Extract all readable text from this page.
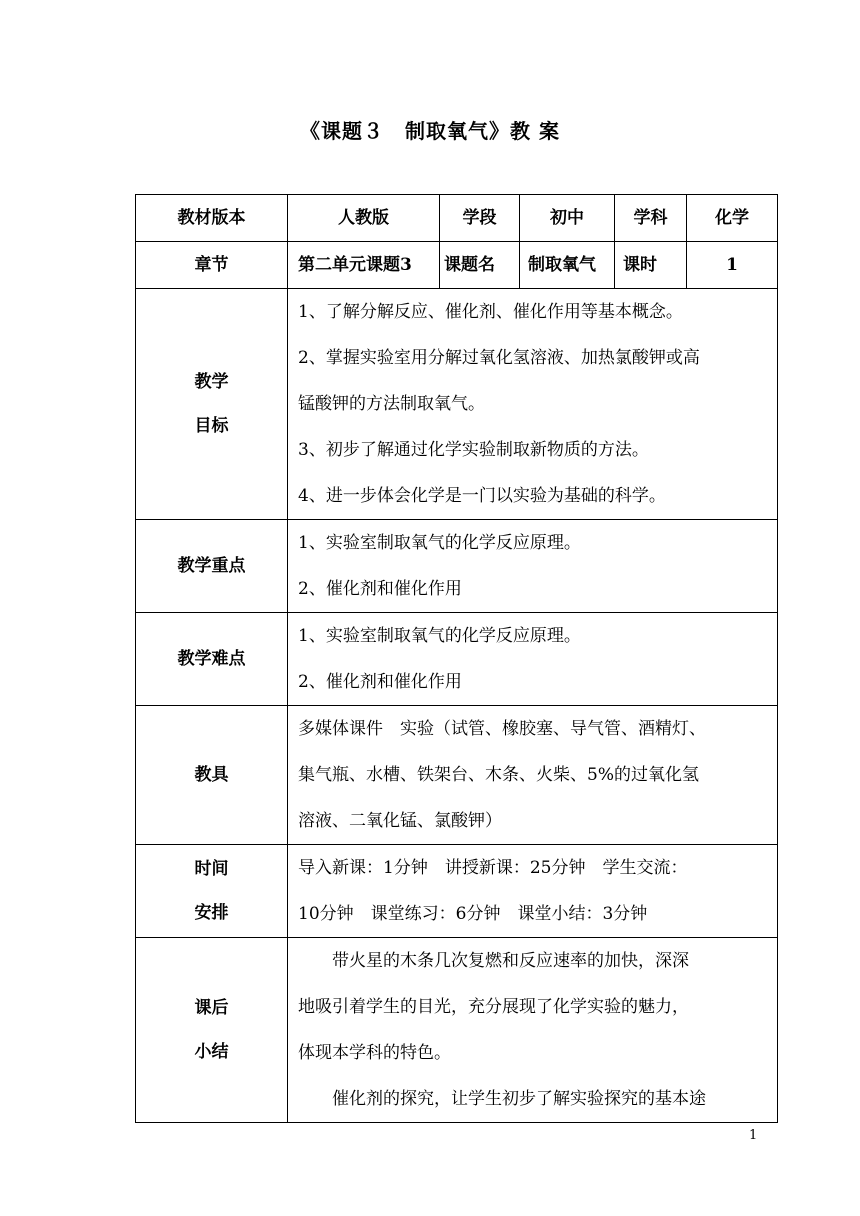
《课题３　制取氧气》教 案
教材版本	人教版	学段	初中	学科	化学
章节	第二单元课题3	课题名	制取氧气	课时	1

教学
目标	1、了解分解反应、催化剂、催化作用等基本概念。
2、掌握实验室用分解过氧化氢溶液、加热氯酸钾或高
锰酸钾的方法制取氧气。
3、初步了解通过化学实验制取新物质的方法。
4、进一步体会化学是一门以实验为基础的科学。				

教学重点	1、实验室制取氧气的化学反应原理。
2、催化剂和催化作用				

教学难点	1、实验室制取氧气的化学反应原理。
2、催化剂和催化作用				

教具	多媒体课件　实验（试管、橡胶塞、导气管、酒精灯、
集气瓶、水槽、铁架台、木条、火柴、5%的过氧化氢
溶液、二氧化锰、氯酸钾）				

时间
安排	导入新课：1分钟　讲授新课：25分钟　学生交流：
10分钟　课堂练习：6分钟　课堂小结：3分钟				

课后
小结	带火星的木条几次复燃和反应速率的加快，深深
地吸引着学生的目光，充分展现了化学实验的魅力，
体现本学科的特色。
催化剂的探究，让学生初步了解实验探究的基本途				
1
